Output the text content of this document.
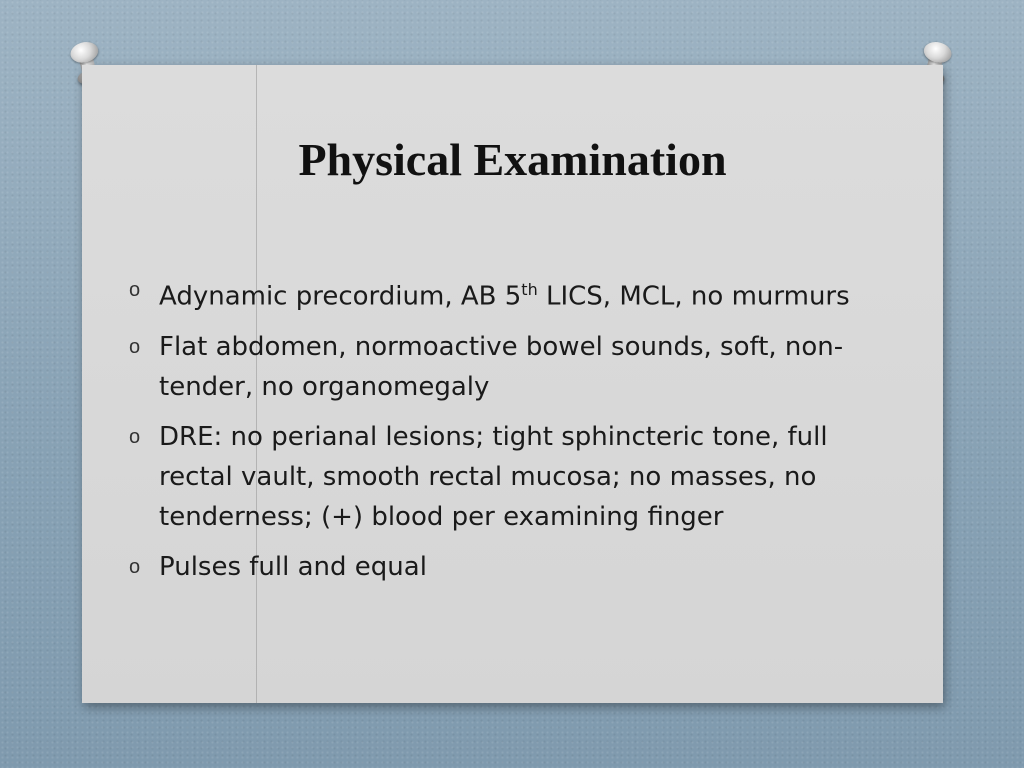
Physical Examination
o Adynamic precordium, AB 5th LICS, MCL, no murmurs
o Flat abdomen, normoactive bowel sounds, soft, non-tender, no organomegaly
o DRE: no perianal lesions; tight sphincteric tone, full rectal vault, smooth rectal mucosa; no masses, no tenderness; (+) blood per examining finger
o Pulses full and equal
